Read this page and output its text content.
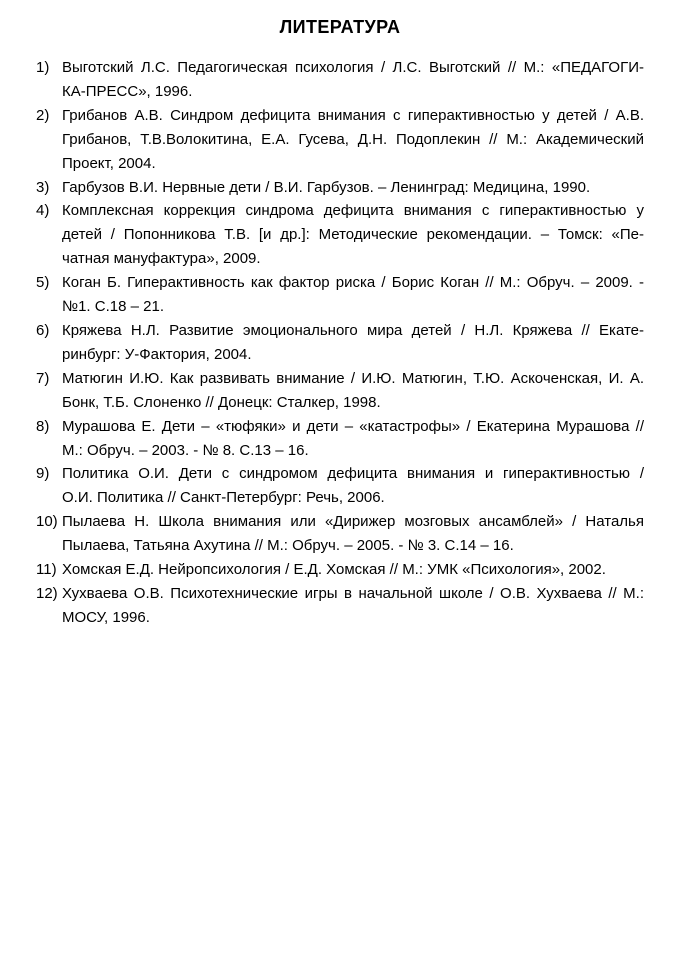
ЛИТЕРАТУРА
1) Выготский Л.С. Педагогическая психология / Л.С. Выготский // М.: «ПЕДАГОГИ-
КА-ПРЕСС», 1996.
2) Грибанов А.В. Синдром дефицита внимания с гиперактивностью у детей / А.В.
Грибанов, Т.В.Волокитина, Е.А. Гусева, Д.Н. Подоплекин // М.: Академический
Проект, 2004.
3) Гарбузов В.И. Нервные дети / В.И. Гарбузов. – Ленинград: Медицина, 1990.
4) Комплексная коррекция синдрома дефицита внимания с гиперактивностью у
детей / Попонникова Т.В. [и др.]: Методические рекомендации. – Томск: «Пе-
чатная мануфактура», 2009.
5) Коган Б. Гиперактивность как фактор риска / Борис Коган // М.: Обруч. – 2009. -
№1. С.18 – 21.
6) Кряжева Н.Л. Развитие эмоционального мира детей / Н.Л. Кряжева // Екате-
ринбург: У-Фактория, 2004.
7) Матюгин И.Ю. Как развивать внимание / И.Ю. Матюгин, Т.Ю. Аскоченская, И. А.
Бонк, Т.Б. Слоненко // Донецк: Сталкер, 1998.
8) Мурашова Е. Дети – «тюфяки» и дети – «катастрофы» / Екатерина Мурашова //
М.: Обруч. – 2003. - № 8. С.13 – 16.
9) Политика О.И. Дети с синдромом дефицита внимания и гиперактивностью /
О.И. Политика // Санкт-Петербург: Речь, 2006.
10) Пылаева Н. Школа внимания или «Дирижер мозговых ансамблей» / Наталья
Пылаева, Татьяна Ахутина // М.: Обруч. – 2005. - № 3. С.14 – 16.
11) Хомская Е.Д. Нейропсихология / Е.Д. Хомская // М.: УМК «Психология», 2002.
12) Хухваева О.В. Психотехнические игры в начальной школе / О.В. Хухваева // М.:
МОСУ, 1996.
